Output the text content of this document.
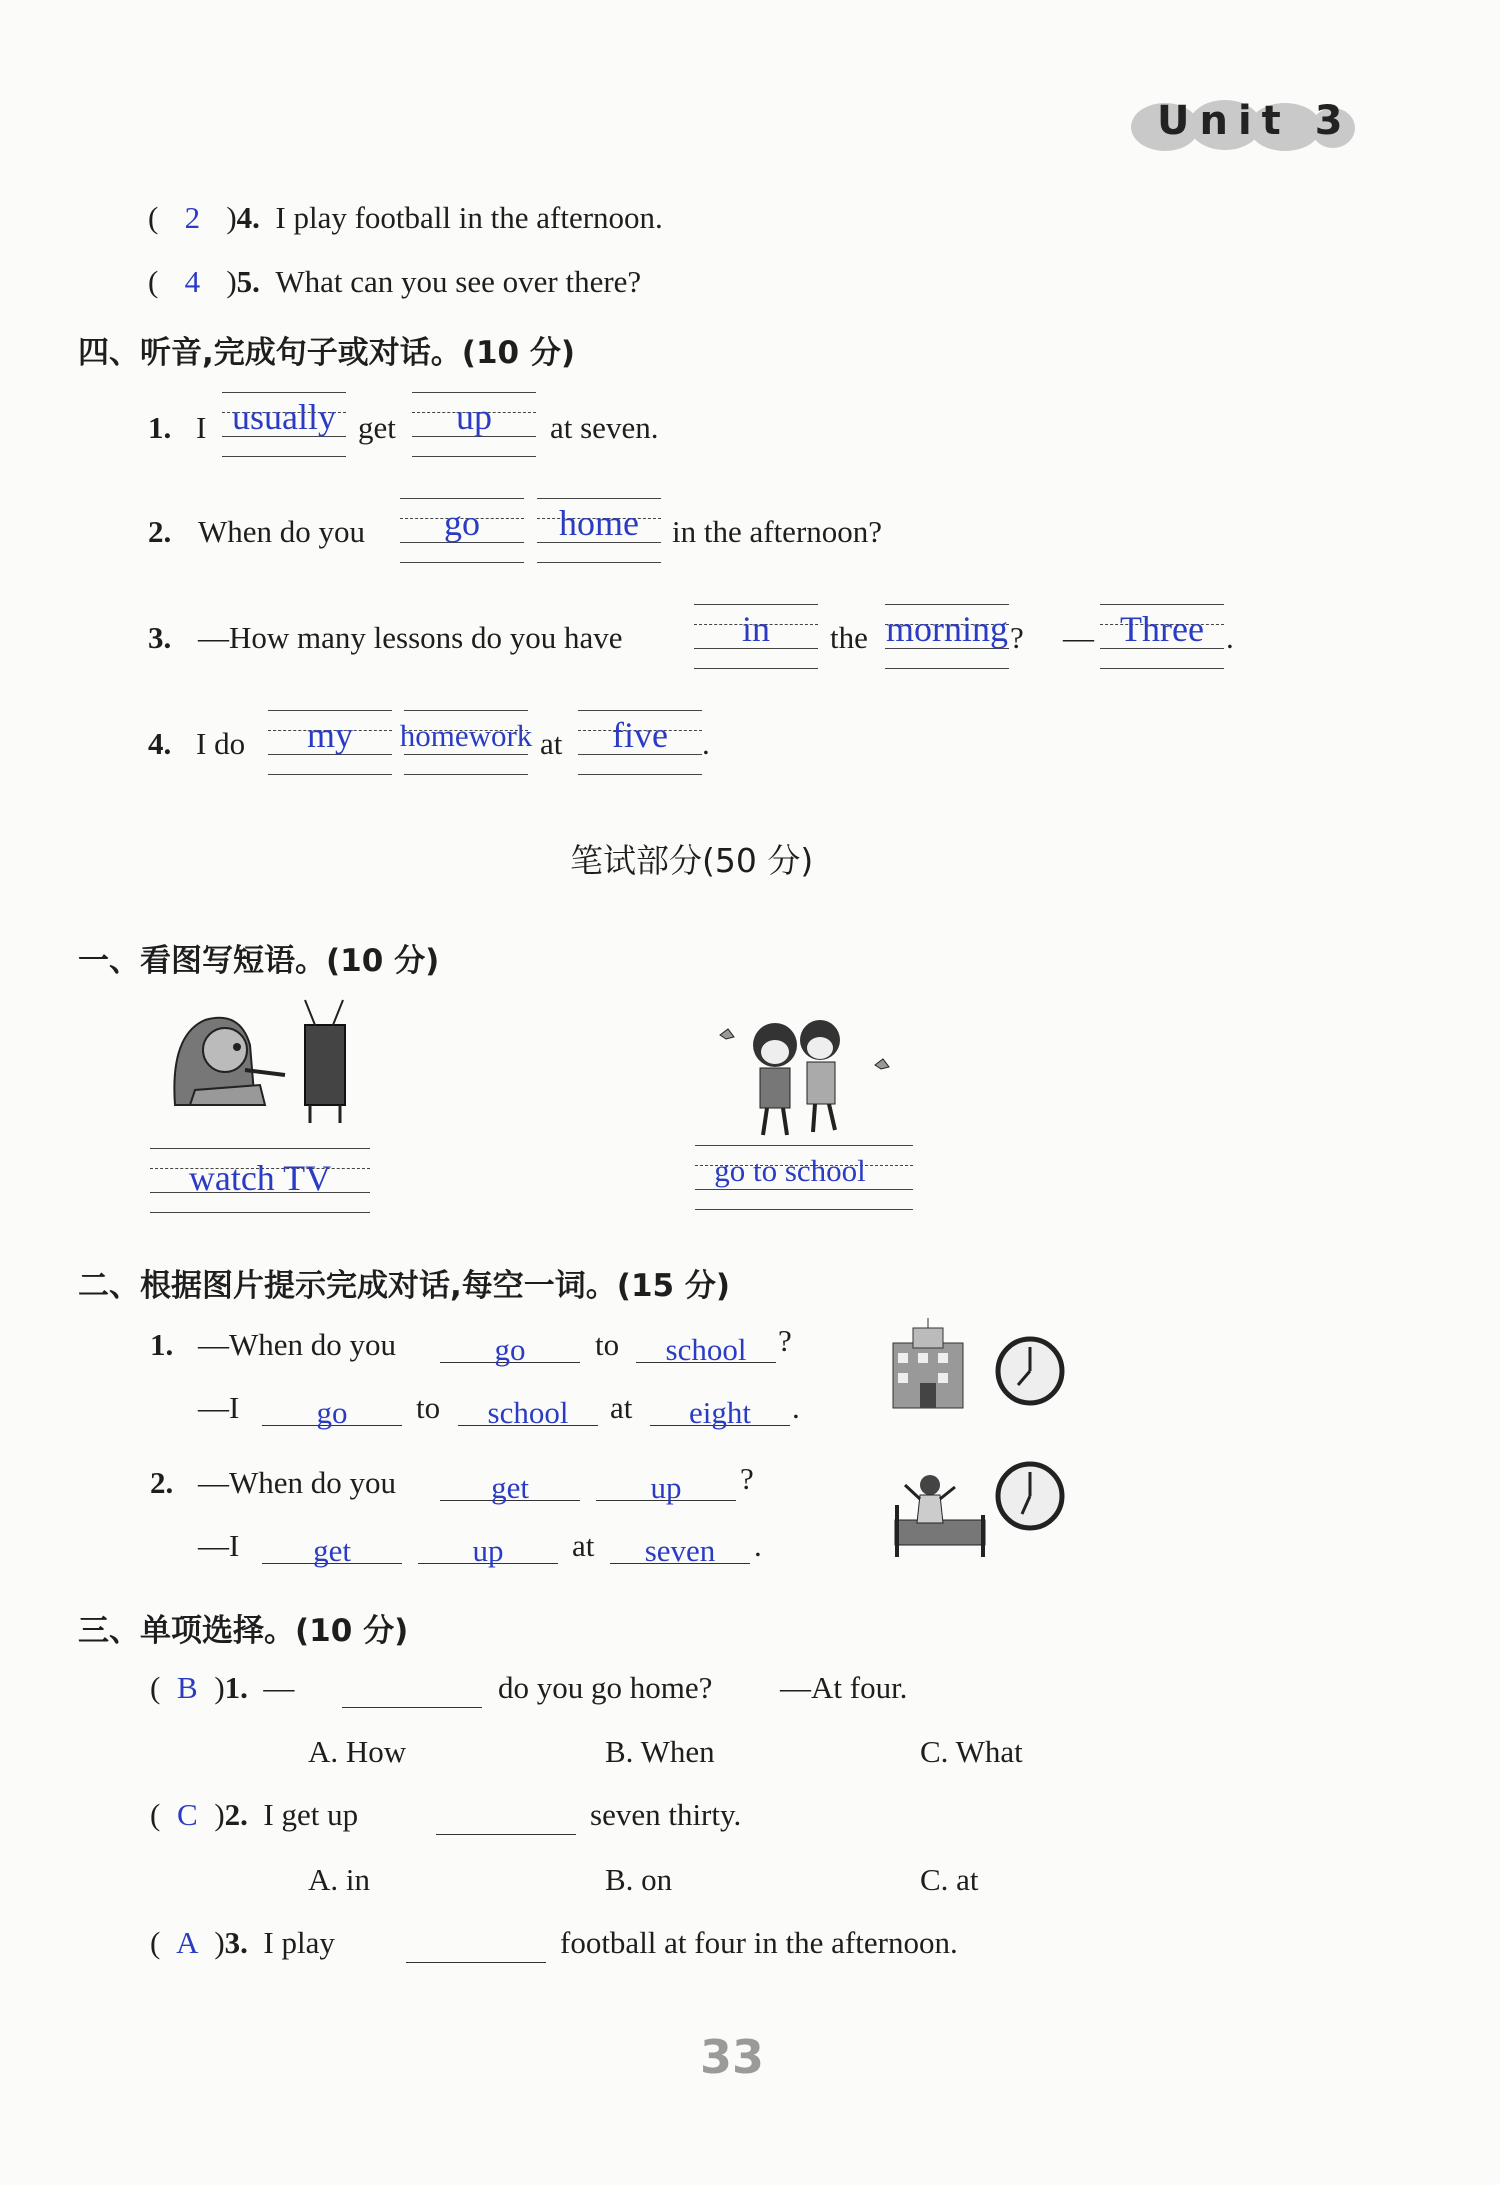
Unit 3
( 2 )4. I play football in the afternoon.
( 4 )5. What can you see over there?
四、听音,完成句子或对话。(10 分)
1. I usually get	up	at seven.
2. When do you	go	home	in the afternoon?
3. —How many lessons do you have	in	the morning ? — Three .
4. I do	my	homework at	five	.
笔试部分(50 分)
一、看图写短语。(10 分)
watch TV	go to school
二、根据图片提示完成对话,每空一词。(15 分)
1. —When do you	go	to	school	?
—I	go	to	school	at	eight	.
2. —When do you	get	up	?
—I	get	up	at	seven	.
三、单项选择。(10 分)
( B )1. —	do you go home? —At four.
A. How	B. When	C. What
( C )2. I get up	seven thirty.
A. in	B. on	C. at
( A )3. I play	football at four in the afternoon.
33
